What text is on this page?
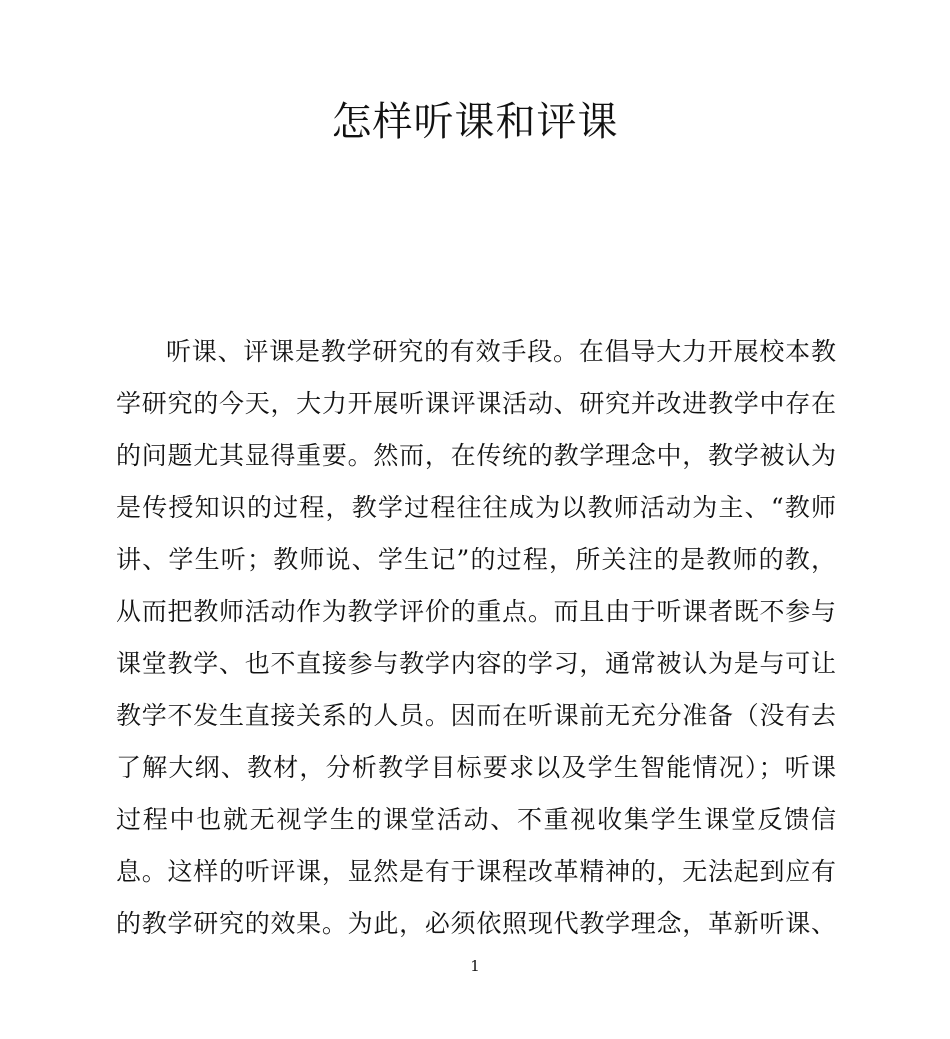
怎样听课和评课
听课、评课是教学研究的有效手段。在倡导大力开展校本教
学研究的今天，大力开展听课评课活动、研究并改进教学中存在
的问题尤其显得重要。然而，在传统的教学理念中，教学被认为
是传授知识的过程，教学过程往往成为以教师活动为主、“教师
讲、学生听；教师说、学生记”的过程，所关注的是教师的教，
从而把教师活动作为教学评价的重点。而且由于听课者既不参与
课堂教学、也不直接参与教学内容的学习，通常被认为是与可让
教学不发生直接关系的人员。因而在听课前无充分准备（没有去
了解大纲、教材，分析教学目标要求以及学生智能情况）；听课
过程中也就无视学生的课堂活动、不重视收集学生课堂反馈信
息。这样的听评课，显然是有于课程改革精神的，无法起到应有
的教学研究的效果。为此，必须依照现代教学理念，革新听课、
1
